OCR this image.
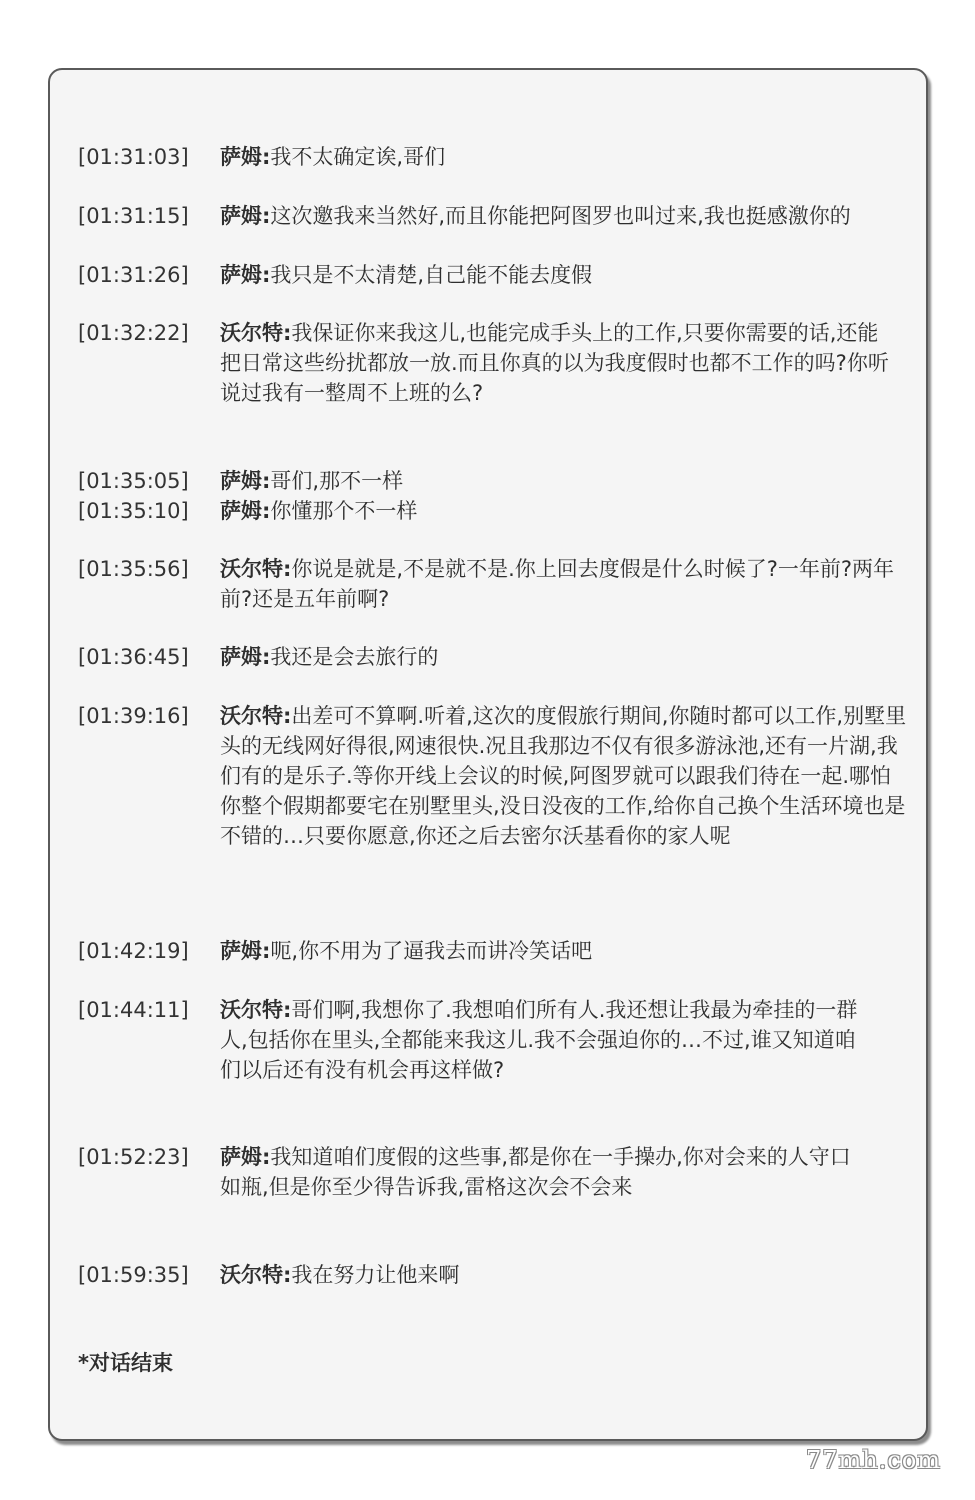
[01:31:03] 萨姆:我不太确定诶,哥们
[01:31:15] 萨姆:这次邀我来当然好,而且你能把阿图罗也叫过来,我也挺感激你的
[01:31:26] 萨姆:我只是不太清楚,自己能不能去度假
[01:32:22] 沃尔特:我保证你来我这儿,也能完成手头上的工作,只要你需要的话,还能把日常这些纷扰都放一放.而且你真的以为我度假时也都不工作的吗?你听说过我有一整周不上班的么?
[01:35:05] 萨姆:哥们,那不一样
[01:35:10] 萨姆:你懂那个不一样
[01:35:56] 沃尔特:你说是就是,不是就不是.你上回去度假是什么时候了?一年前?两年前?还是五年前啊?
[01:36:45] 萨姆:我还是会去旅行的
[01:39:16] 沃尔特:出差可不算啊.听着,这次的度假旅行期间,你随时都可以工作,别墅里头的无线网好得很,网速很快.况且我那边不仅有很多游泳池,还有一片湖,我们有的是乐子.等你开线上会议的时候,阿图罗就可以跟我们待在一起.哪怕你整个假期都要宅在别墅里头,没日没夜的工作,给你自己换个生活环境也是不错的…只要你愿意,你还之后去密尔沃基看你的家人呢
[01:42:19] 萨姆:呃,你不用为了逼我去而讲冷笑话吧
[01:44:11] 沃尔特:哥们啊,我想你了.我想咱们所有人.我还想让我最为牵挂的一群人,包括你在里头,全都能来我这儿.我不会强迫你的…不过,谁又知道咱们以后还有没有机会再这样做?
[01:52:23] 萨姆:我知道咱们度假的这些事,都是你在一手操办,你对会来的人守口如瓶,但是你至少得告诉我,雷格这次会不会来
[01:59:35] 沃尔特:我在努力让他来啊
*对话结束
77mh.com
